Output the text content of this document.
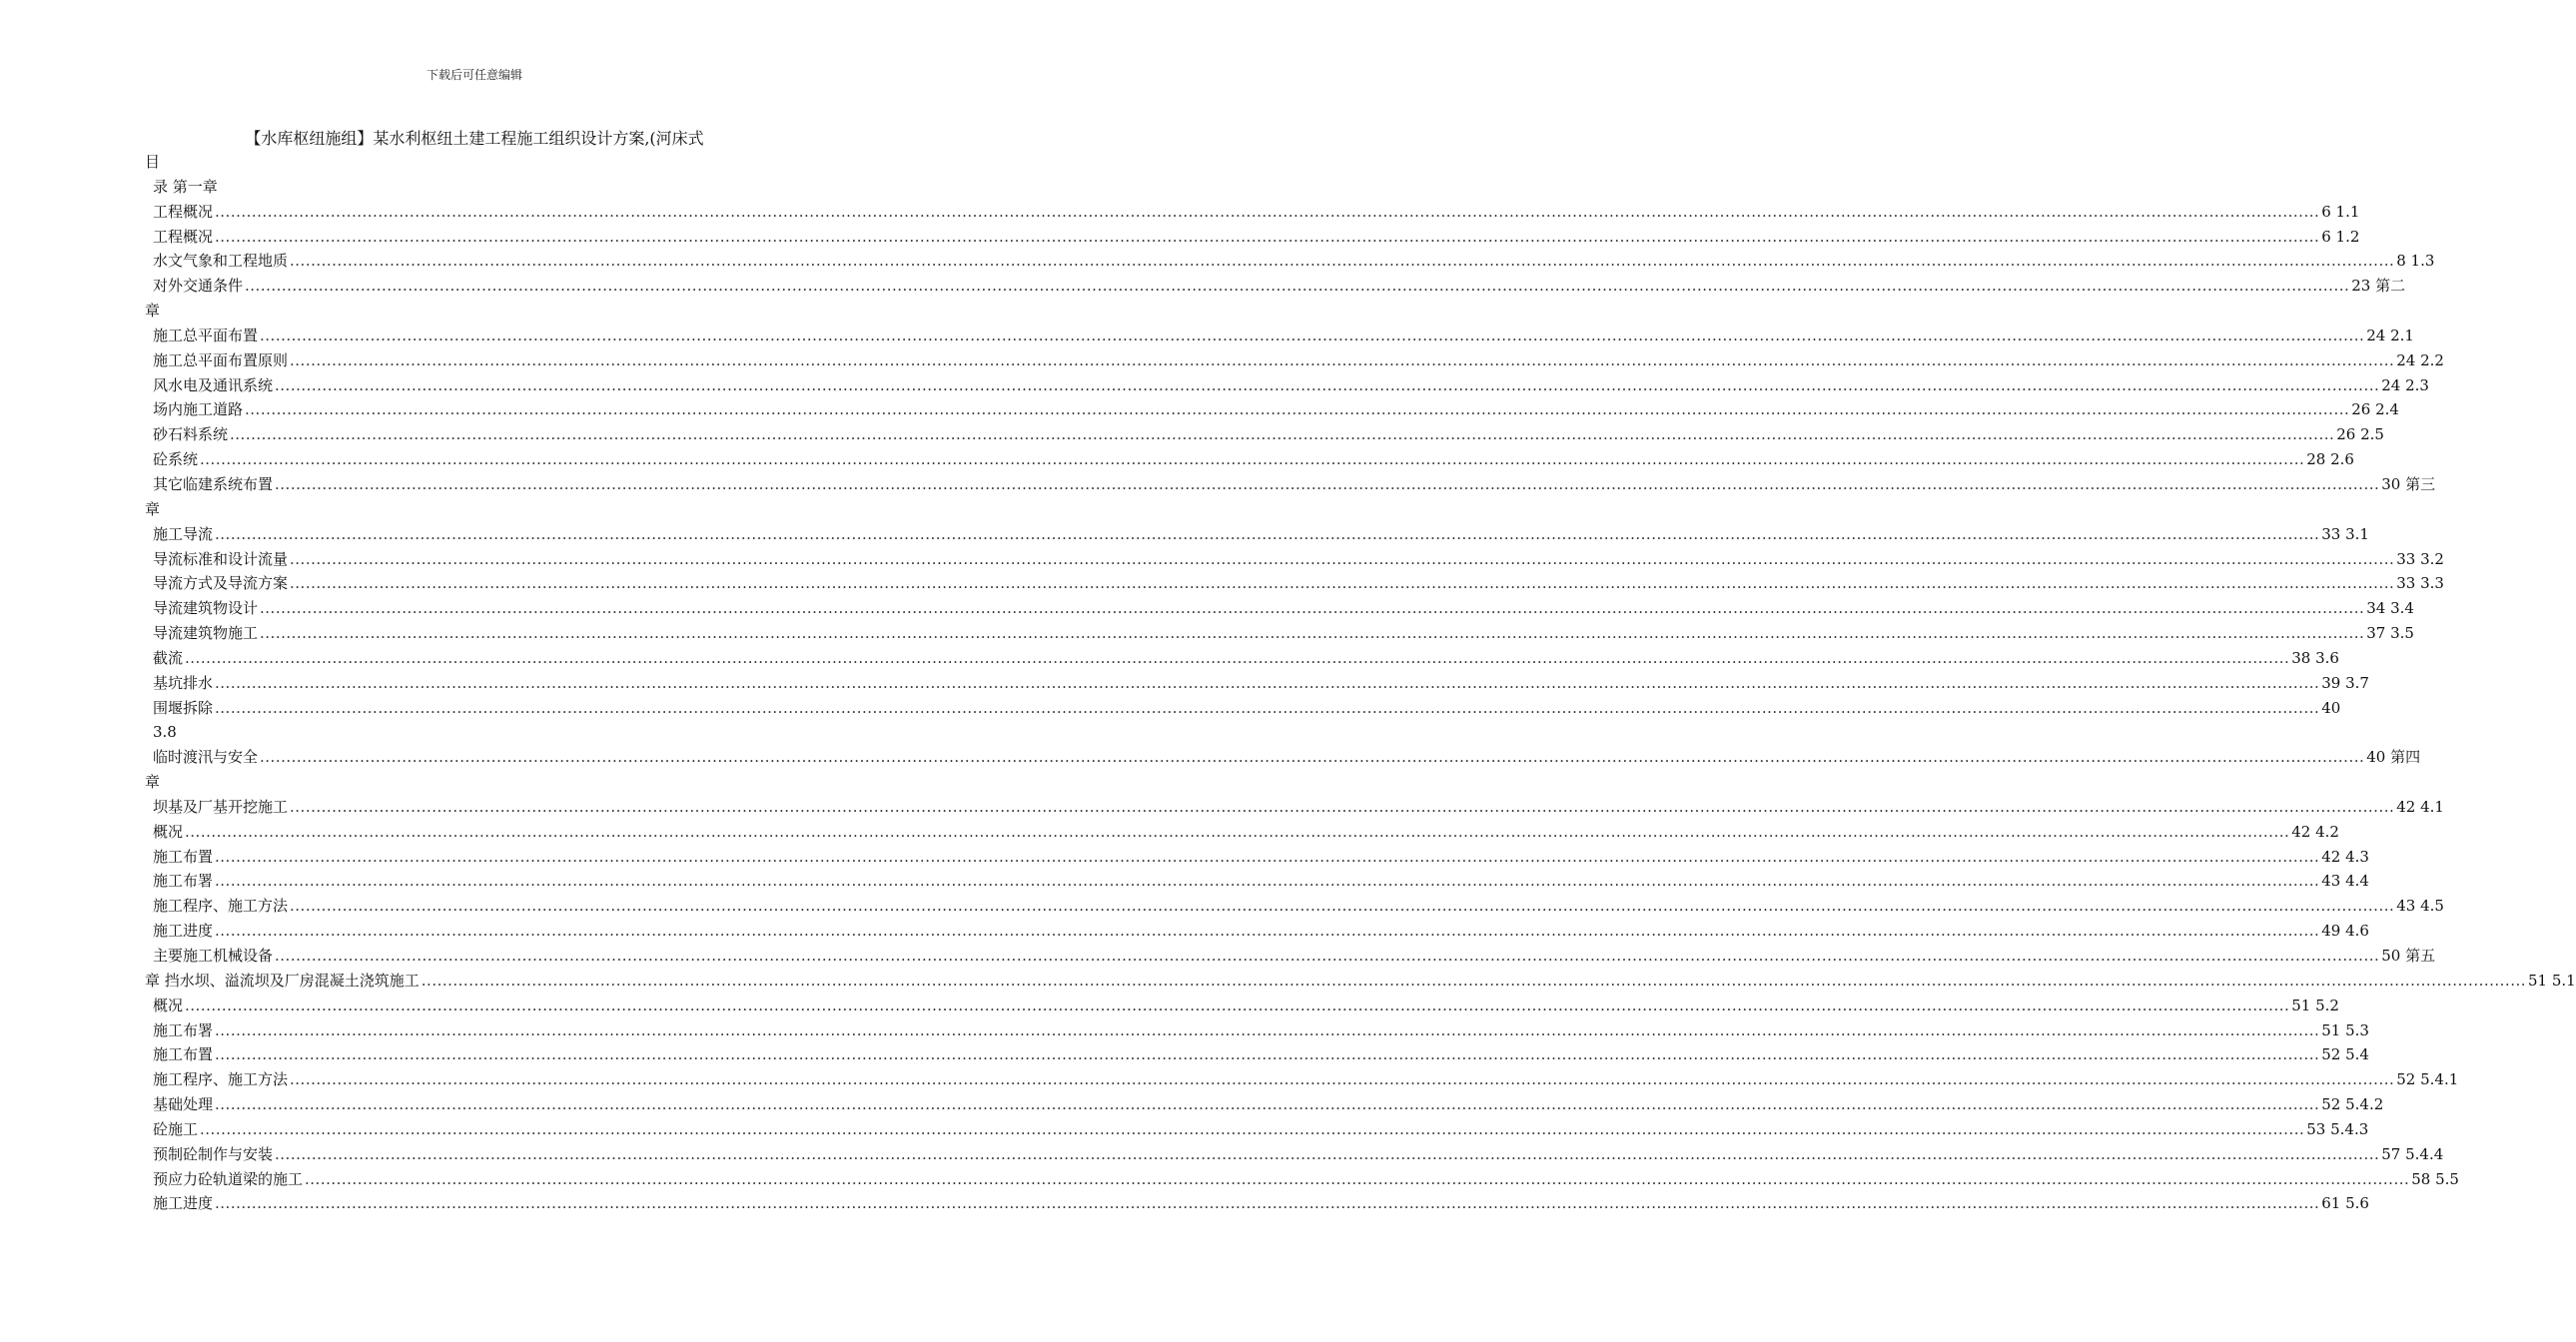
下载后可任意编辑
【水库枢纽施组】某水利枢纽土建工程施工组织设计方案,(河床式
目
录 第一章
工程概况 ................................................................................................................................................................................................................................................................................................................................................................................................................ 6 1.1
工程概况 ................................................................................................................................................................................................................................................................................................................................................................................................................ 6 1.2
水文气象和工程地质 ................................................................................................................................................................................................................................................................................................................................................................................................................ 8 1.3
对外交通条件 ................................................................................................................................................................................................................................................................................................................................................................................................................ 23 第二
章
施工总平面布置 ................................................................................................................................................................................................................................................................................................................................................................................................................ 24 2.1
施工总平面布置原则 ................................................................................................................................................................................................................................................................................................................................................................................................................ 24 2.2
风水电及通讯系统 ................................................................................................................................................................................................................................................................................................................................................................................................................ 24 2.3
场内施工道路 ................................................................................................................................................................................................................................................................................................................................................................................................................ 26 2.4
砂石料系统 ................................................................................................................................................................................................................................................................................................................................................................................................................ 26 2.5
砼系统 ................................................................................................................................................................................................................................................................................................................................................................................................................ 28 2.6
其它临建系统布置 ................................................................................................................................................................................................................................................................................................................................................................................................................ 30 第三
章
施工导流 ................................................................................................................................................................................................................................................................................................................................................................................................................ 33 3.1
导流标准和设计流量 ................................................................................................................................................................................................................................................................................................................................................................................................................ 33 3.2
导流方式及导流方案 ................................................................................................................................................................................................................................................................................................................................................................................................................ 33 3.3
导流建筑物设计 ................................................................................................................................................................................................................................................................................................................................................................................................................ 34 3.4
导流建筑物施工 ................................................................................................................................................................................................................................................................................................................................................................................................................ 37 3.5
截流 ................................................................................................................................................................................................................................................................................................................................................................................................................ 38 3.6
基坑排水 ................................................................................................................................................................................................................................................................................................................................................................................................................ 39 3.7
围堰拆除 ................................................................................................................................................................................................................................................................................................................................................................................................................ 40
3.8
临时渡汛与安全 ................................................................................................................................................................................................................................................................................................................................................................................................................ 40 第四
章
坝基及厂基开挖施工 ................................................................................................................................................................................................................................................................................................................................................................................................................ 42 4.1
概况 ................................................................................................................................................................................................................................................................................................................................................................................................................ 42 4.2
施工布置 ................................................................................................................................................................................................................................................................................................................................................................................................................ 42 4.3
施工布署 ................................................................................................................................................................................................................................................................................................................................................................................................................ 43 4.4
施工程序、施工方法 ................................................................................................................................................................................................................................................................................................................................................................................................................ 43 4.5
施工进度 ................................................................................................................................................................................................................................................................................................................................................................................................................ 49 4.6
主要施工机械设备 ................................................................................................................................................................................................................................................................................................................................................................................................................ 50 第五
章 挡水坝、溢流坝及厂房混凝土浇筑施工 ................................................................................................................................................................................................................................................................................................................................................................................................................ 51 5.1
概况 ................................................................................................................................................................................................................................................................................................................................................................................................................ 51 5.2
施工布署 ................................................................................................................................................................................................................................................................................................................................................................................................................ 51 5.3
施工布置 ................................................................................................................................................................................................................................................................................................................................................................................................................ 52 5.4
施工程序、施工方法 ................................................................................................................................................................................................................................................................................................................................................................................................................ 52 5.4.1
基础处理 ................................................................................................................................................................................................................................................................................................................................................................................................................ 52 5.4.2
砼施工 ................................................................................................................................................................................................................................................................................................................................................................................................................ 53 5.4.3
预制砼制作与安装 ................................................................................................................................................................................................................................................................................................................................................................................................................ 57 5.4.4
预应力砼轨道梁的施工 ................................................................................................................................................................................................................................................................................................................................................................................................................ 58 5.5
施工进度 ................................................................................................................................................................................................................................................................................................................................................................................................................ 61 5.6
